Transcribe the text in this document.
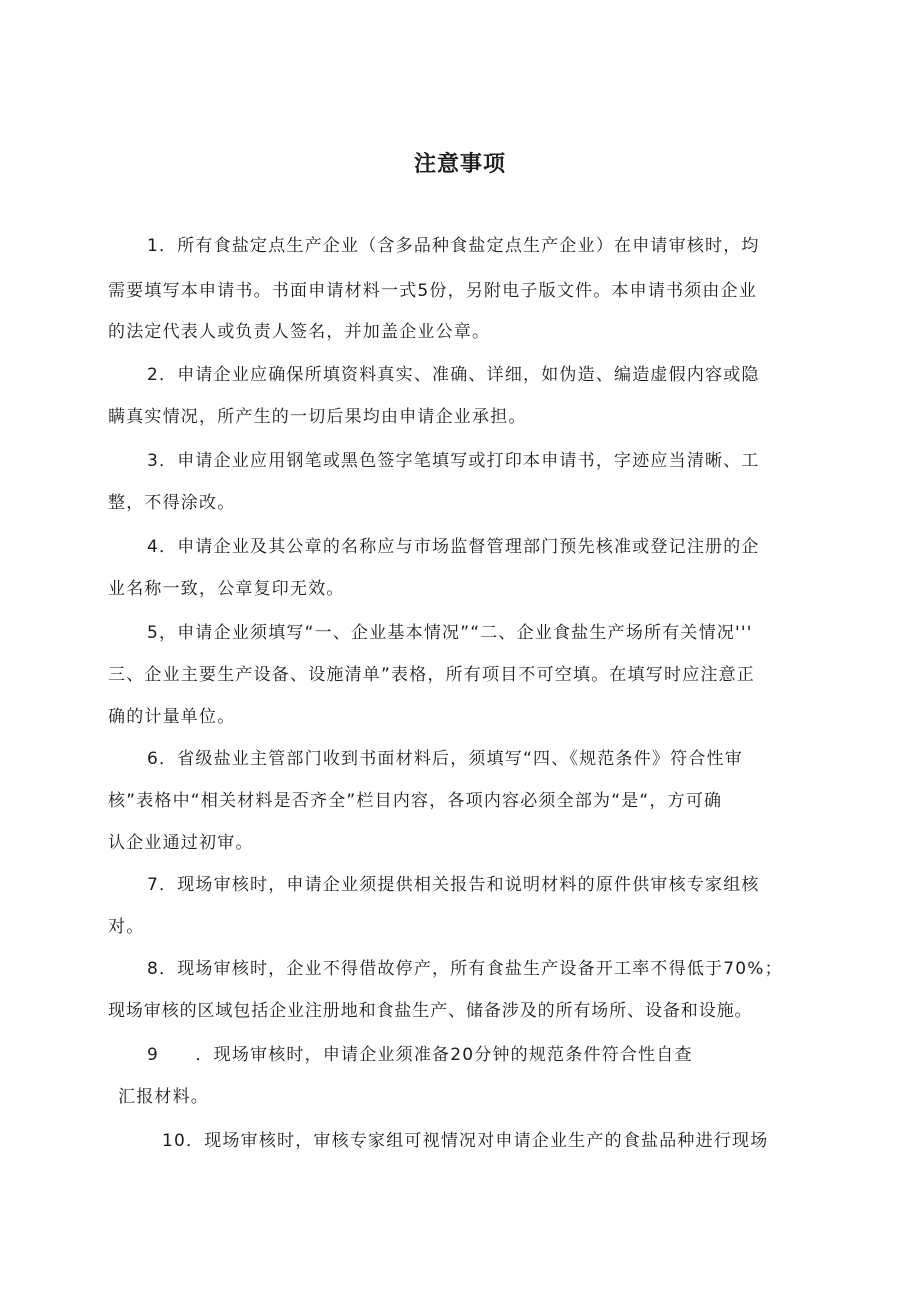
注意事项
1．所有食盐定点生产企业（含多品种食盐定点生产企业）在申请审核时，均
需要填写本申请书。书面申请材料一式5份，另附电子版文件。本申请书须由企业
的法定代表人或负责人签名，并加盖企业公章。
2．申请企业应确保所填资料真实、准确、详细，如伪造、编造虚假内容或隐
瞒真实情况，所产生的一切后果均由申请企业承担。
3．申请企业应用钢笔或黑色签字笔填写或打印本申请书，字迹应当清晰、工
整，不得涂改。
4．申请企业及其公章的名称应与市场监督管理部门预先核准或登记注册的企
业名称一致，公章复印无效。
5，申请企业须填写“一、企业基本情况”“二、企业食盐生产场所有关情况'''
三、企业主要生产设备、设施清单”表格，所有项目不可空填。在填写时应注意正
确的计量单位。
6．省级盐业主管部门收到书面材料后，须填写“四、《规范条件》符合性审
核”表格中“相关材料是否齐全”栏目内容，各项内容必须全部为“是“，方可确
认企业通过初审。
7．现场审核时，申请企业须提供相关报告和说明材料的原件供审核专家组核
对。
8．现场审核时，企业不得借故停产，所有食盐生产设备开工率不得低于70%；
现场审核的区域包括企业注册地和食盐生产、储备涉及的所有场所、设备和设施。
9　　．现场审核时，申请企业须准备20分钟的规范条件符合性自查
汇报材料。
10．现场审核时，审核专家组可视情况对申请企业生产的食盐品种进行现场
